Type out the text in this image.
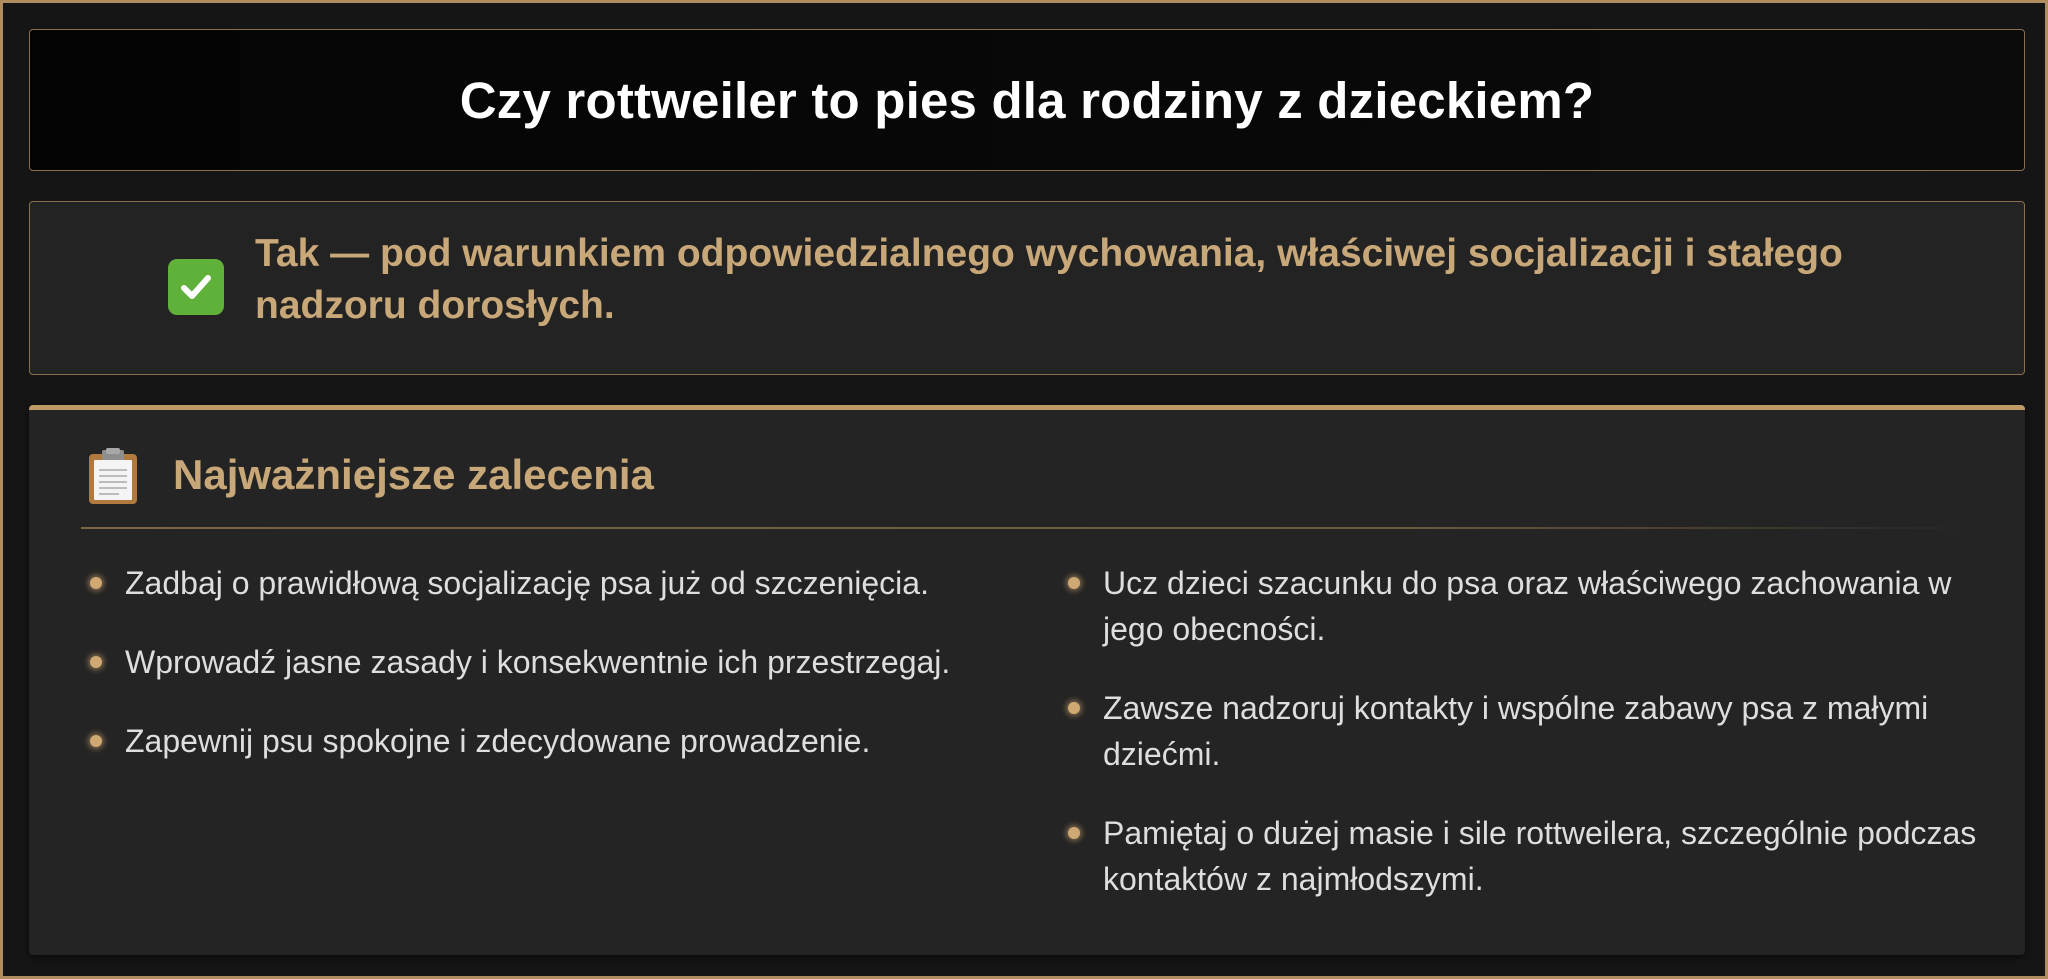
Czy rottweiler to pies dla rodziny z dzieckiem?

Tak — pod warunkiem odpowiedzialnego wychowania, właściwej socjalizacji i stałego nadzoru dorosłych.

Najważniejsze zalecenia
Zadbaj o prawidłową socjalizację psa już od szczenięcia.
Wprowadź jasne zasady i konsekwentnie ich przestrzegaj.
Zapewnij psu spokojne i zdecydowane prowadzenie.
Ucz dzieci szacunku do psa oraz właściwego zachowania w jego obecności.
Zawsze nadzoruj kontakty i wspólne zabawy psa z małymi dziećmi.
Pamiętaj o dużej masie i sile rottweilera, szczególnie podczas kontaktów z najmłodszymi.
